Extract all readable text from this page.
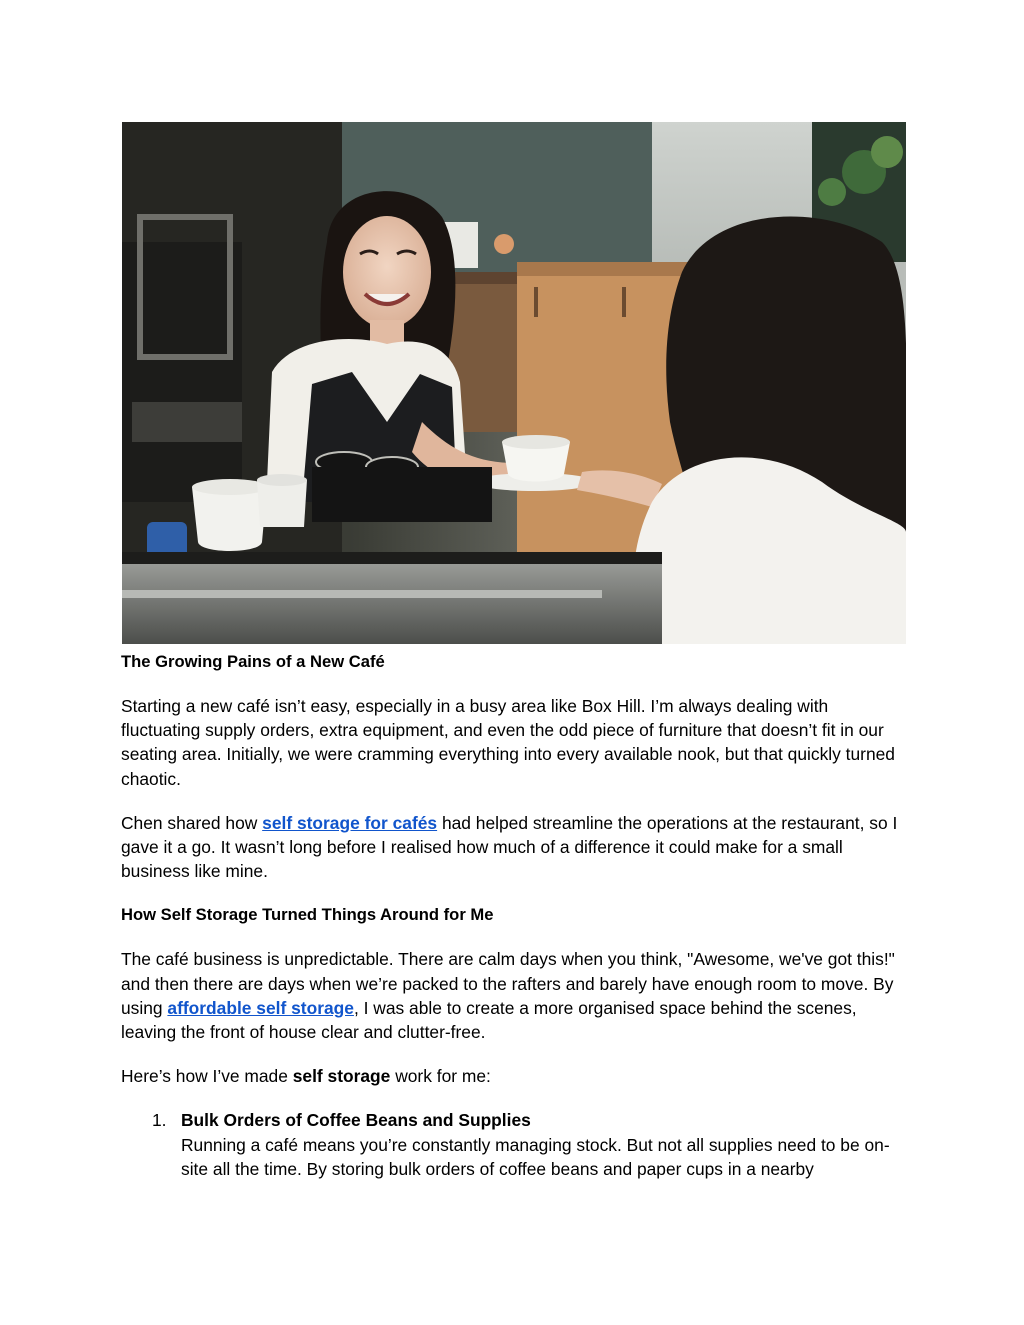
The Growing Pains of a New Café

Starting a new café isn’t easy, especially in a busy area like Box Hill. I’m always dealing with fluctuating supply orders, extra equipment, and even the odd piece of furniture that doesn’t fit in our seating area. Initially, we were cramming everything into every available nook, but that quickly turned chaotic.

Chen shared how self storage for cafés had helped streamline the operations at the restaurant, so I gave it a go. It wasn’t long before I realised how much of a difference it could make for a small business like mine.

How Self Storage Turned Things Around for Me

The café business is unpredictable. There are calm days when you think, "Awesome, we've got this!" and then there are days when we’re packed to the rafters and barely have enough room to move. By using affordable self storage, I was able to create a more organised space behind the scenes, leaving the front of house clear and clutter-free.

Here’s how I’ve made self storage work for me:

1. Bulk Orders of Coffee Beans and Supplies
Running a café means you’re constantly managing stock. But not all supplies need to be on-site all the time. By storing bulk orders of coffee beans and paper cups in a nearby
